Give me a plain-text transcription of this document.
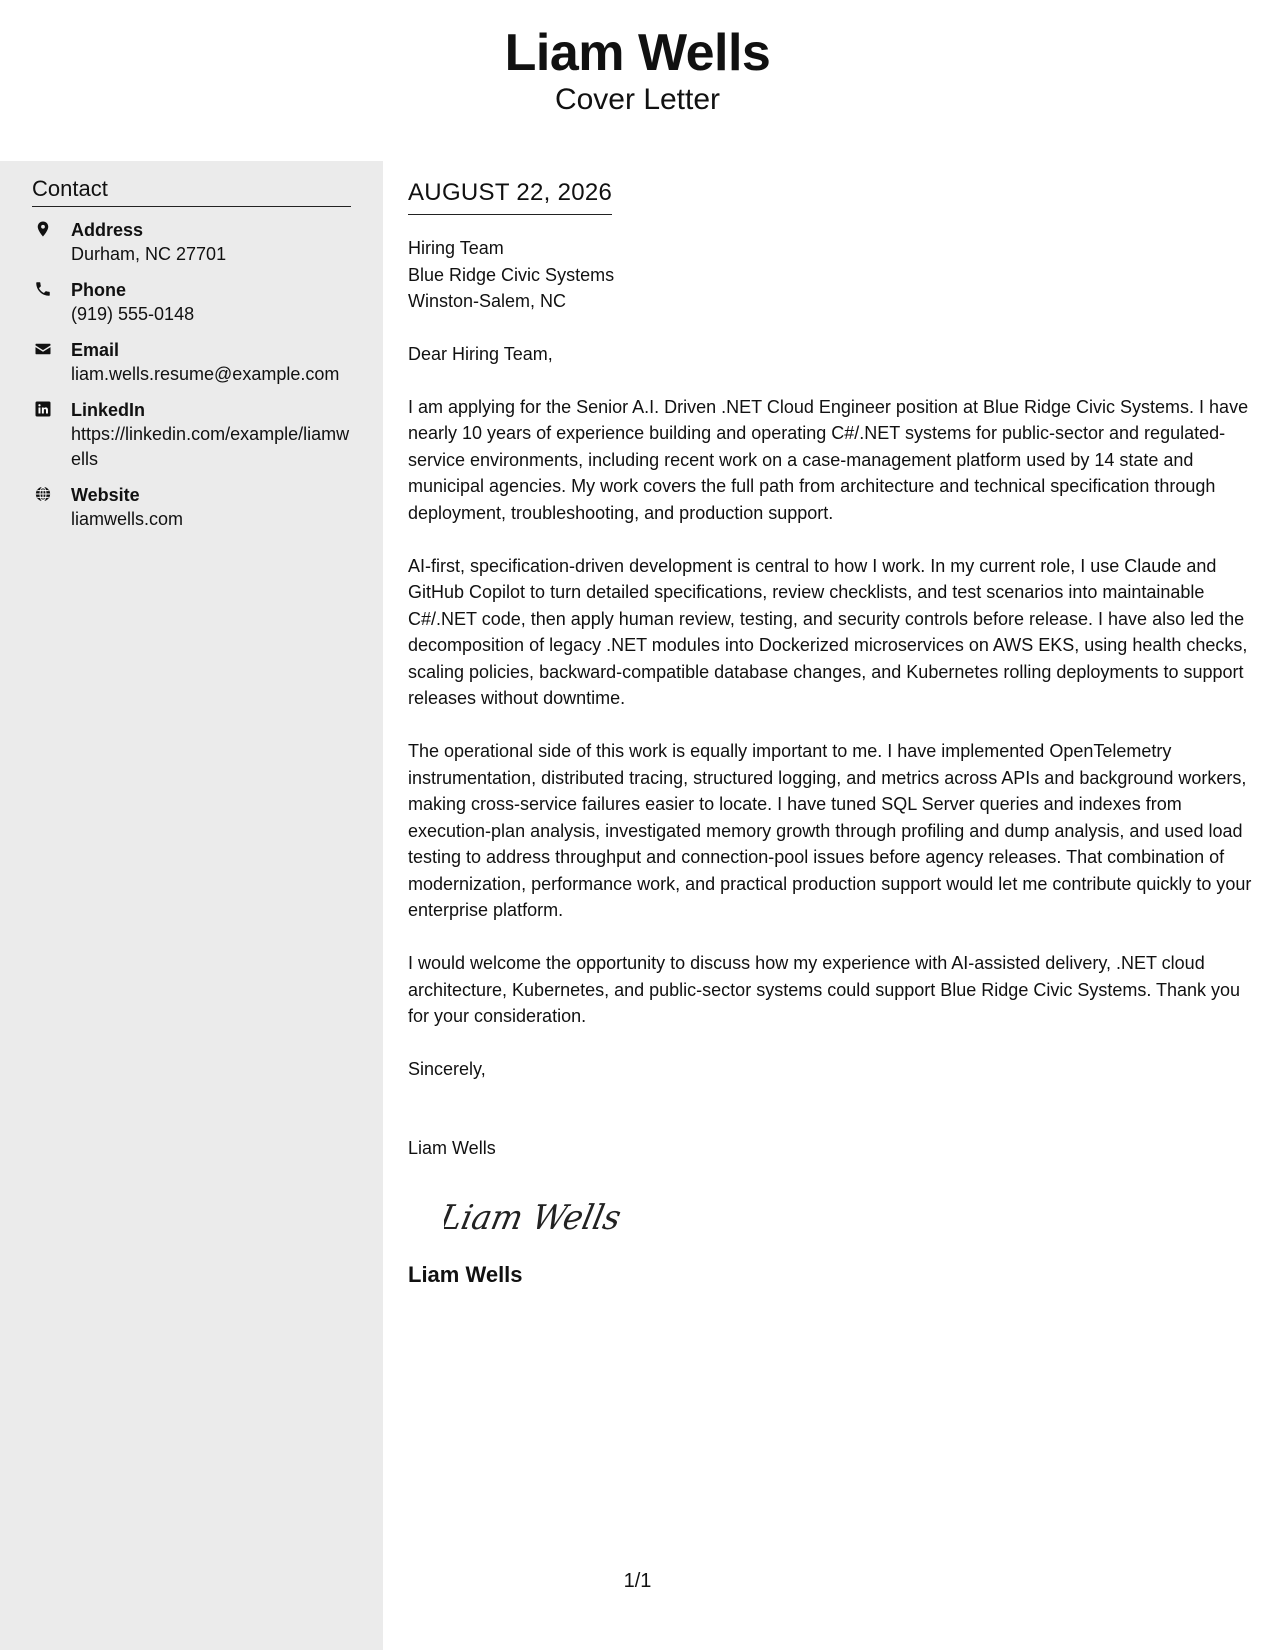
Liam Wells
Cover Letter
Contact
Address
Durham, NC 27701
Phone
(919) 555-0148
Email
liam.wells.resume@example.com
LinkedIn
https://linkedin.com/example/liamwells
Website
liamwells.com
AUGUST 22, 2026
Hiring Team
Blue Ridge Civic Systems
Winston-Salem, NC

Dear Hiring Team,

I am applying for the Senior A.I. Driven .NET Cloud Engineer position at Blue Ridge Civic Systems. I have nearly 10 years of experience building and operating C#/.NET systems for public-sector and regulated-service environments, including recent work on a case-management platform used by 14 state and municipal agencies. My work covers the full path from architecture and technical specification through deployment, troubleshooting, and production support.

AI-first, specification-driven development is central to how I work. In my current role, I use Claude and GitHub Copilot to turn detailed specifications, review checklists, and test scenarios into maintainable C#/.NET code, then apply human review, testing, and security controls before release. I have also led the decomposition of legacy .NET modules into Dockerized microservices on AWS EKS, using health checks, scaling policies, backward-compatible database changes, and Kubernetes rolling deployments to support releases without downtime.

The operational side of this work is equally important to me. I have implemented OpenTelemetry instrumentation, distributed tracing, structured logging, and metrics across APIs and background workers, making cross-service failures easier to locate. I have tuned SQL Server queries and indexes from execution-plan analysis, investigated memory growth through profiling and dump analysis, and used load testing to address throughput and connection-pool issues before agency releases. That combination of modernization, performance work, and practical production support would let me contribute quickly to your enterprise platform.

I would welcome the opportunity to discuss how my experience with AI-assisted delivery, .NET cloud architecture, Kubernetes, and public-sector systems could support Blue Ridge Civic Systems. Thank you for your consideration.

Sincerely,

Liam Wells
Liam Wells
Liam Wells
1/1
